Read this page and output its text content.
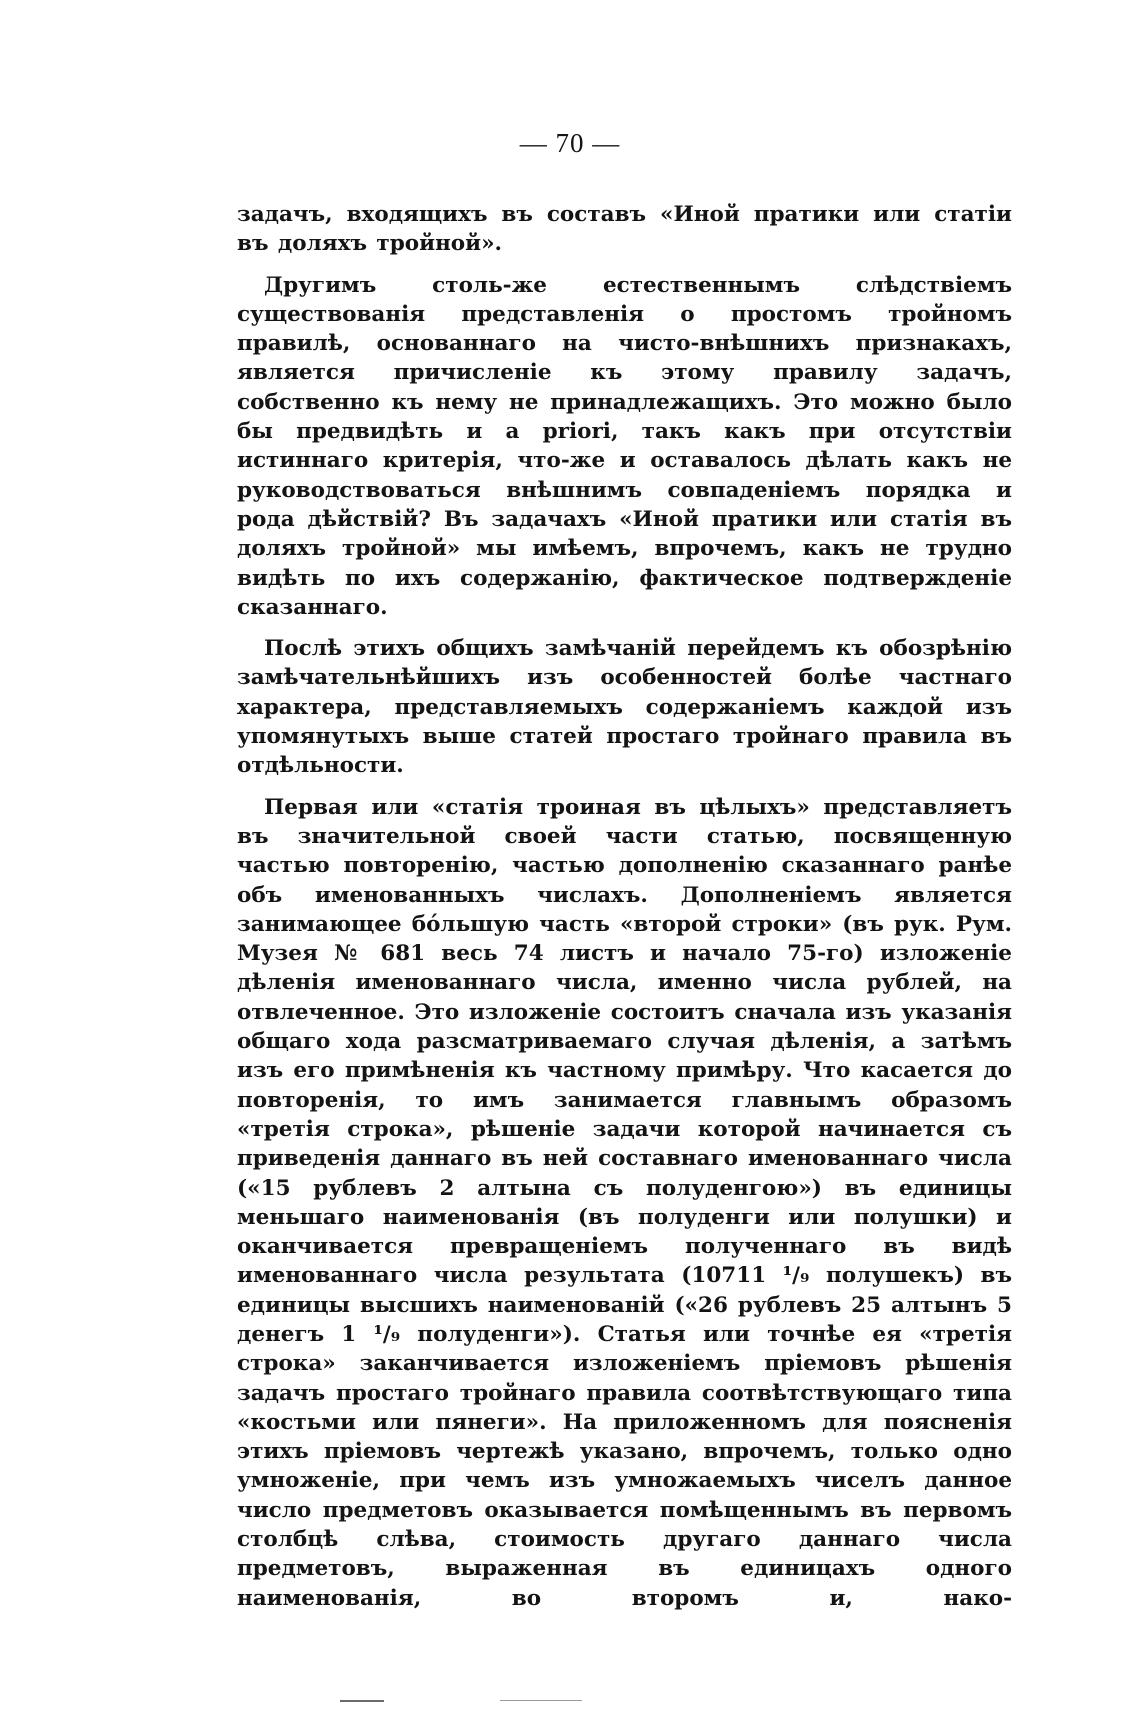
— 70 —

задачъ, входящихъ въ составъ «Иной пратики или статiи въ доляхъ тройной».

Другимъ столь-же естественнымъ слѣдствiемъ существованiя представленiя о простомъ тройномъ правилѣ, основаннаго на чисто-внѣшнихъ признакахъ, является причисленiе къ этому правилу задачъ, собственно къ нему не принадлежащихъ. Это можно было бы предвидѣть и a priori, такъ какъ при отсутствiи истиннаго критерiя, что-же и оставалось дѣлать какъ не руководствоваться внѣшнимъ совпаденiемъ порядка и рода дѣйствiй? Въ задачахъ «Иной пратики или статiя въ доляхъ тройной» мы имѣемъ, впрочемъ, какъ не трудно видѣть по ихъ содержанiю, фактическое подтвержденiе сказаннаго.

Послѣ этихъ общихъ замѣчанiй перейдемъ къ обозрѣнiю замѣчательнѣйшихъ изъ особенностей болѣе частнаго характера, представляемыхъ содержанiемъ каждой изъ упомянутыхъ выше статей простаго тройнаго правила въ отдѣльности.

Первая или «статiя троиная въ цѣлыхъ» представляетъ въ значительной своей части статью, посвященную частью повторенiю, частью дополненiю сказаннаго ранѣе объ именованныхъ числахъ. Дополненiемъ является занимающее бо́льшую часть «второй строки» (въ рук. Рум. Музея № 681 весь 74 листъ и начало 75-го) изложенiе дѣленiя именованнаго числа, именно числа рублей, на отвлеченное. Это изложенiе состоитъ сначала изъ указанiя общаго хода разсматриваемаго случая дѣленiя, а затѣмъ изъ его примѣненiя къ частному примѣру. Что касается до повторенiя, то имъ занимается главнымъ образомъ «третiя строка», рѣшенiе задачи которой начинается съ приведенiя даннаго въ ней составнаго именованнаго числа («15 рублевъ 2 алтына съ полуденгою») въ единицы меньшаго наименованiя (въ полуденги или полушки) и оканчивается превращенiемъ полученнаго въ видѣ именованнаго числа результата (10711 ¹/₉ полушекъ) въ единицы высшихъ наименованiй («26 рублевъ 25 алтынъ 5 денегъ 1 ¹/₉ полуденги»). Статья или точнѣе ея «третiя строка» заканчивается изложенiемъ прiемовъ рѣшенiя задачъ простаго тройнаго правила соотвѣтствующаго типа «костьми или пянеги». На приложенномъ для поясненiя этихъ прiемовъ чертежѣ указано, впрочемъ, только одно умноженiе, при чемъ изъ умножаемыхъ чиселъ данное число предметовъ оказывается помѣщеннымъ въ первомъ столбцѣ слѣва, стоимость другаго даннаго числа предметовъ, выраженная въ единицахъ одного наименованiя, во второмъ и, нако-
